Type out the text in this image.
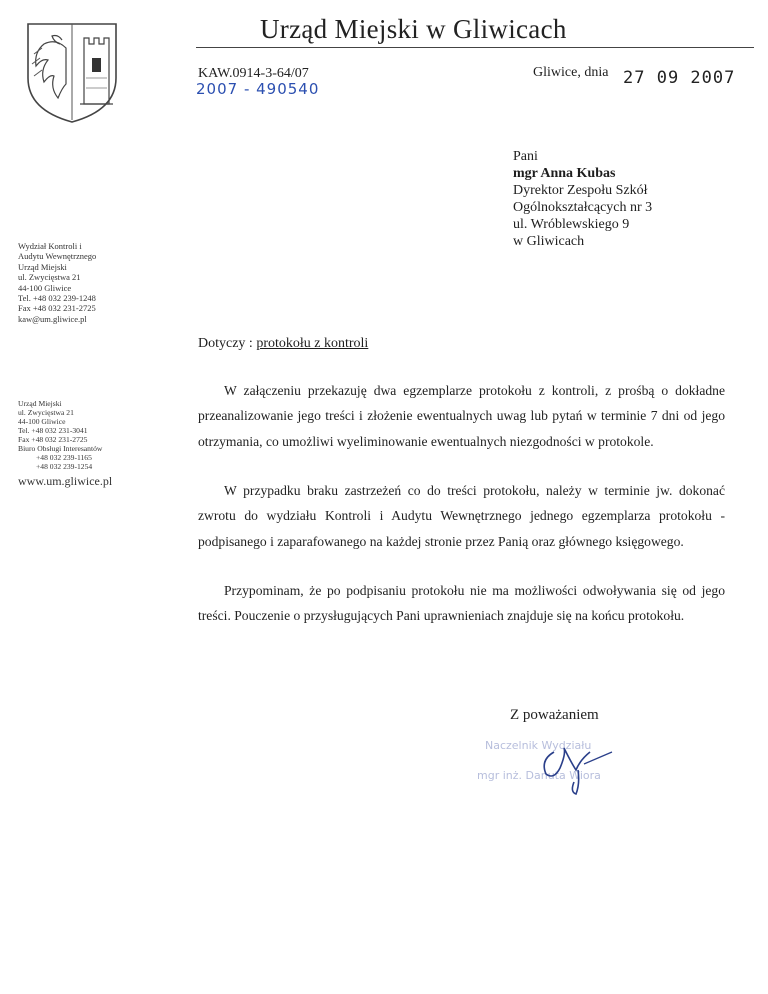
Urząd Miejski w Gliwicach
KAW.0914-3-64/07
2007 - 490540
Gliwice, dnia 27 09 2007
Pani
mgr Anna Kubas
Dyrektor Zespołu Szkół
Ogólnokształcących nr 3
ul. Wróblewskiego 9
w Gliwicach
Wydział Kontroli i
Audytu Wewnętrznego
Urząd Miejski
ul. Zwycięstwa 21
44-100 Gliwice
Tel. +48 032 239-1248
Fax +48 032 231-2725
kaw@um.gliwice.pl
Urząd Miejski
ul. Zwycięstwa 21
44-100 Gliwice
Tel. +48 032 231-3041
Fax +48 032 231-2725
Biuro Obsługi Interesantów
+48 032 239-1165
+48 032 239-1254
www.um.gliwice.pl
Dotyczy : protokołu z kontroli
W załączeniu przekazuję dwa egzemplarze protokołu z kontroli, z prośbą o dokładne przeanalizowanie jego treści i złożenie ewentualnych uwag lub pytań w terminie 7 dni od jego otrzymania, co umożliwi wyeliminowanie ewentualnych niezgodności w protokole.
W przypadku braku zastrzeżeń co do treści protokołu, należy w terminie jw. dokonać zwrotu do wydziału Kontroli i Audytu Wewnętrznego jednego egzemplarza protokołu - podpisanego i zaparafowanego na każdej stronie przez Panią oraz głównego księgowego.
Przypominam, że po podpisaniu protokołu nie ma możliwości odwoływania się od jego treści. Pouczenie o przysługujących Pani uprawnieniach znajduje się na końcu protokołu.
Z poważaniem
Naczelnik Wydziału
mgr inż. Danuta Wiora
